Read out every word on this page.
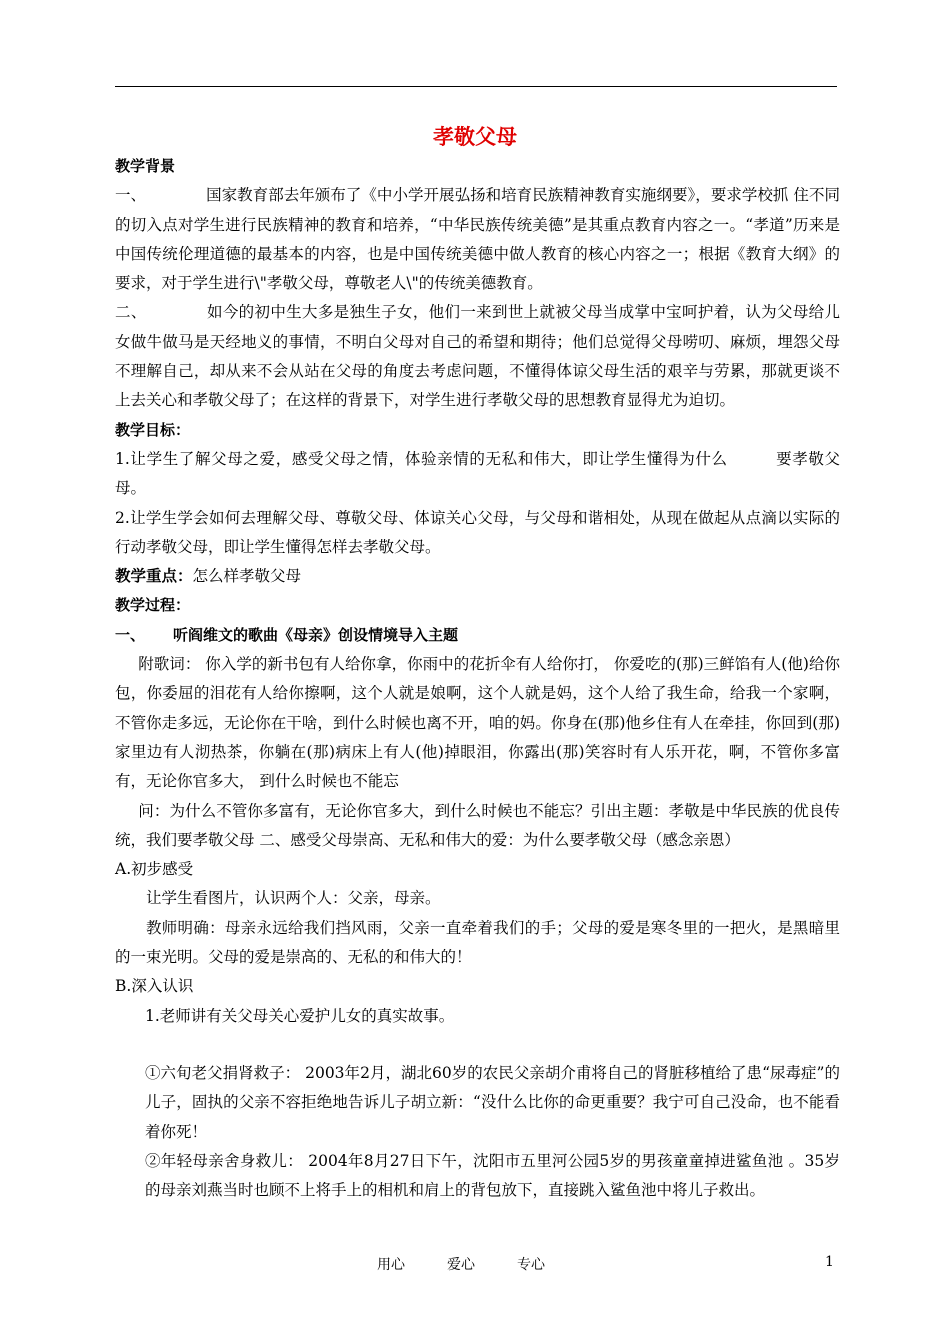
孝敬父母

教学背景

一、	国家教育部去年颁布了《中小学开展弘扬和培育民族精神教育实施纲要》，要求学校抓 住不同的切入点对学生进行民族精神的教育和培养，“中华民族传统美德”是其重点教育内容之一。“孝道”历来是中国传统伦理道德的最基本的内容，也是中国传统美德中做人教育的核心内容之一；根据《教育大纲》的要求，对于学生进行\"孝敬父母，尊敬老人\"的传统美德教育。

二、	如今的初中生大多是独生子女，他们一来到世上就被父母当成掌中宝呵护着，认为父母给儿女做牛做马是天经地义的事情，不明白父母对自己的希望和期待；他们总觉得父母唠叨、麻烦，埋怨父母不理解自己，却从来不会从站在父母的角度去考虑问题，不懂得体谅父母生活的艰辛与劳累，那就更谈不上去关心和孝敬父母了；在这样的背景下，对学生进行孝敬父母的思想教育显得尤为迫切。

教学目标：

1.让学生了解父母之爱，感受父母之情，体验亲情的无私和伟大，即让学生懂得为什么　　　要孝敬父母。

2.让学生学会如何去理解父母、尊敬父母、体谅关心父母，与父母和谐相处，从现在做起从点滴以实际的行动孝敬父母，即让学生懂得怎样去孝敬父母。

教学重点：怎么样孝敬父母

教学过程：

一、 听阎维文的歌曲《母亲》创设情境导入主题

附歌词： 你入学的新书包有人给你拿，你雨中的花折伞有人给你打， 你爱吃的(那)三鲜馅有人(他)给你包，你委屈的泪花有人给你擦啊，这个人就是娘啊，这个人就是妈，这个人给了我生命，给我一个家啊，不管你走多远，无论你在干啥，到什么时候也离不开，咱的妈。你身在(那)他乡住有人在牵挂，你回到(那)家里边有人沏热茶，你躺在(那)病床上有人(他)掉眼泪，你露出(那)笑容时有人乐开花，啊，不管你多富有，无论你官多大， 到什么时候也不能忘

问：为什么不管你多富有，无论你官多大，到什么时候也不能忘？引出主题：孝敬是中华民族的优良传统，我们要孝敬父母 二、感受父母崇高、无私和伟大的爱：为什么要孝敬父母（感念亲恩）

A.初步感受

让学生看图片，认识两个人：父亲，母亲。

教师明确：母亲永远给我们挡风雨，父亲一直牵着我们的手；父母的爱是寒冬里的一把火，是黑暗里的一束光明。父母的爱是崇高的、无私的和伟大的！

B.深入认识

1.老师讲有关父母关心爱护儿女的真实故事。

①六旬老父捐肾救子： 2003年2月，湖北60岁的农民父亲胡介甫将自己的肾脏移植给了患“尿毒症”的儿子，固执的父亲不容拒绝地告诉儿子胡立新：“没什么比你的命更重要？我宁可自己没命，也不能看着你死！

②年轻母亲舍身救儿： 2004年8月27日下午，沈阳市五里河公园5岁的男孩童童掉进鲨鱼池 。35岁的母亲刘燕当时也顾不上将手上的相机和肩上的背包放下，直接跳入鲨鱼池中将儿子救出。

用心	爱心	专心	1
